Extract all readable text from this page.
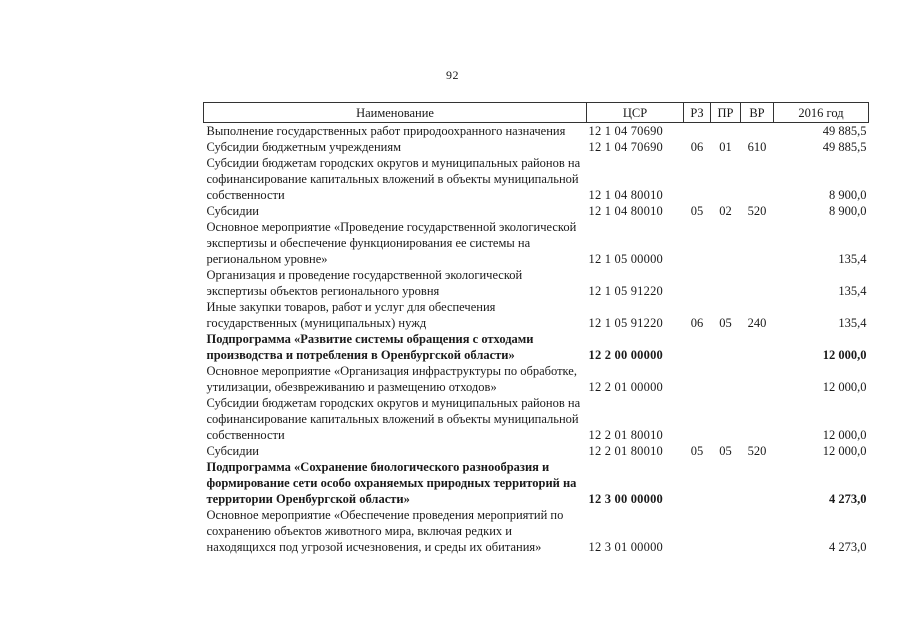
92
Наименование	ЦСР	РЗ	ПР	ВР	2016 год
Выполнение государственных работ природоохранного назначения	12 1 04 70690				49 885,5
Субсидии бюджетным учреждениям	12 1 04 70690	06	01	610	49 885,5
Субсидии бюджетам городских округов и муниципальных районов на софинансирование капитальных вложений в объекты муниципальной собственности	12 1 04 80010				8 900,0
Субсидии	12 1 04 80010	05	02	520	8 900,0
Основное мероприятие «Проведение государственной экологической экспертизы и обеспечение функционирования ее системы на региональном уровне»	12 1 05 00000				135,4
Организация и проведение государственной экологической экспертизы объектов регионального уровня	12 1 05 91220				135,4
Иные закупки товаров, работ и услуг для обеспечения государственных (муниципальных) нужд	12 1 05 91220	06	05	240	135,4
Подпрограмма «Развитие системы обращения с отходами производства и потребления в Оренбургской области»	12 2 00 00000				12 000,0
Основное мероприятие «Организация инфраструктуры по обработке, утилизации, обезвреживанию и размещению отходов»	12 2 01 00000				12 000,0
Субсидии бюджетам городских округов и муниципальных районов на софинансирование капитальных вложений в объекты муниципальной собственности	12 2 01 80010				12 000,0
Субсидии	12 2 01 80010	05	05	520	12 000,0
Подпрограмма «Сохранение биологического разнообразия и формирование сети особо охраняемых природных территорий на территории Оренбургской области»	12 3 00 00000				4 273,0
Основное мероприятие «Обеспечение проведения мероприятий по сохранению объектов животного мира, включая редких и находящихся под угрозой исчезновения, и среды их обитания»	12 3 01 00000				4 273,0
